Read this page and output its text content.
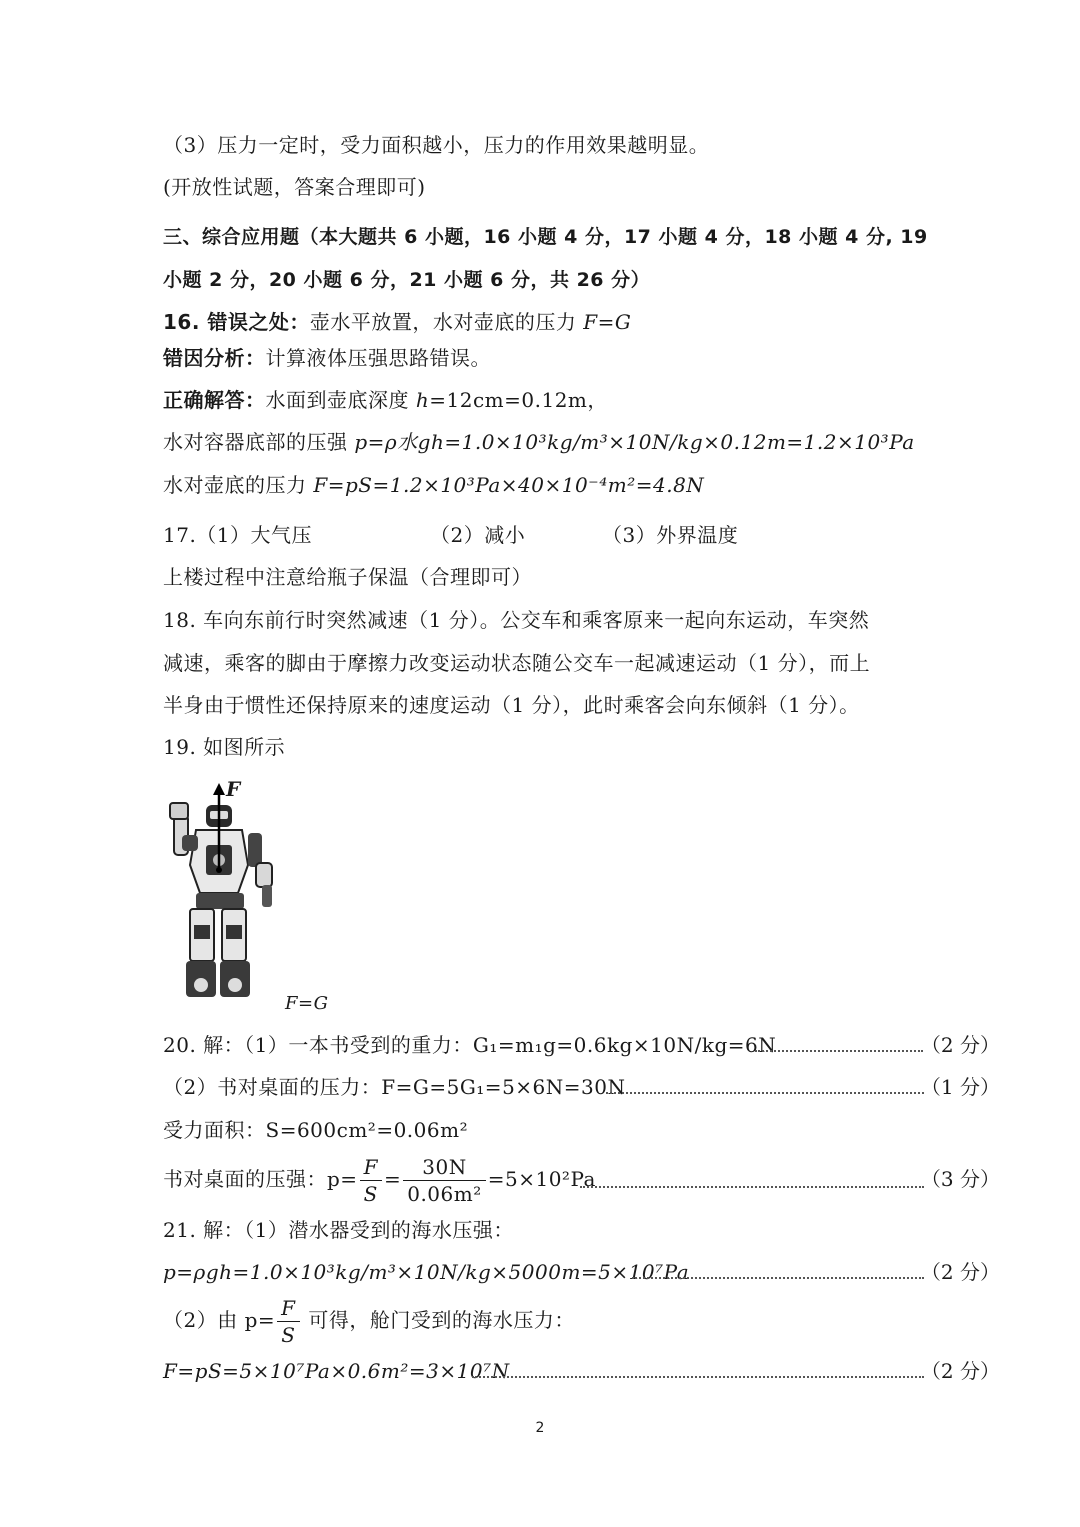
（3）压力一定时，受力面积越小，压力的作用效果越明显。
(开放性试题，答案合理即可)
三、综合应用题（本大题共 6 小题，16 小题 4 分，17 小题 4 分，18 小题 4 分, 19
小题 2 分，20 小题 6 分，21 小题 6 分，共 26 分）
16. 错误之处：壶水平放置，水对壶底的压力 F=G
错因分析：计算液体压强思路错误。
正确解答：水面到壶底深度 h=12cm=0.12m，
水对容器底部的压强 p=ρ水gh=1.0×10³kg/m³×10N/kg×0.12m=1.2×10³Pa
水对壶底的压力 F=pS=1.2×10³Pa×40×10⁻⁴m²=4.8N
17.（1）大气压	（2）减小	（3）外界温度
上楼过程中注意给瓶子保温（合理即可）
18. 车向东前行时突然减速（1 分）。公交车和乘客原来一起向东运动，车突然
减速，乘客的脚由于摩擦力改变运动状态随公交车一起减速运动（1 分），而上
半身由于惯性还保持原来的速度运动（1 分），此时乘客会向东倾斜（1 分）。
19. 如图所示
F
F=G
20. 解：（1）一本书受到的重力：G₁=m₁g=0.6kg×10N/kg=6N	（2 分）
（2）书对桌面的压力：F=G=5G₁=5×6N=30N	（1 分）
受力面积：S=600cm²=0.06m²
书对桌面的压强：$p= \frac{F}{S} = \frac{30N}{\text{0.06m²}} =5\times 10^2Pa$	（3 分）
21. 解：（1）潜水器受到的海水压强：
p=ρgh=1.0×10³kg/m³×10N/kg×5000m=5×10⁷Pa	（2 分）
（2）由 $p= \frac{F}{S}$ 可得，舱门受到的海水压力：
F=pS=5×10⁷Pa×0.6m²=3×10⁷N	（2 分）
2
